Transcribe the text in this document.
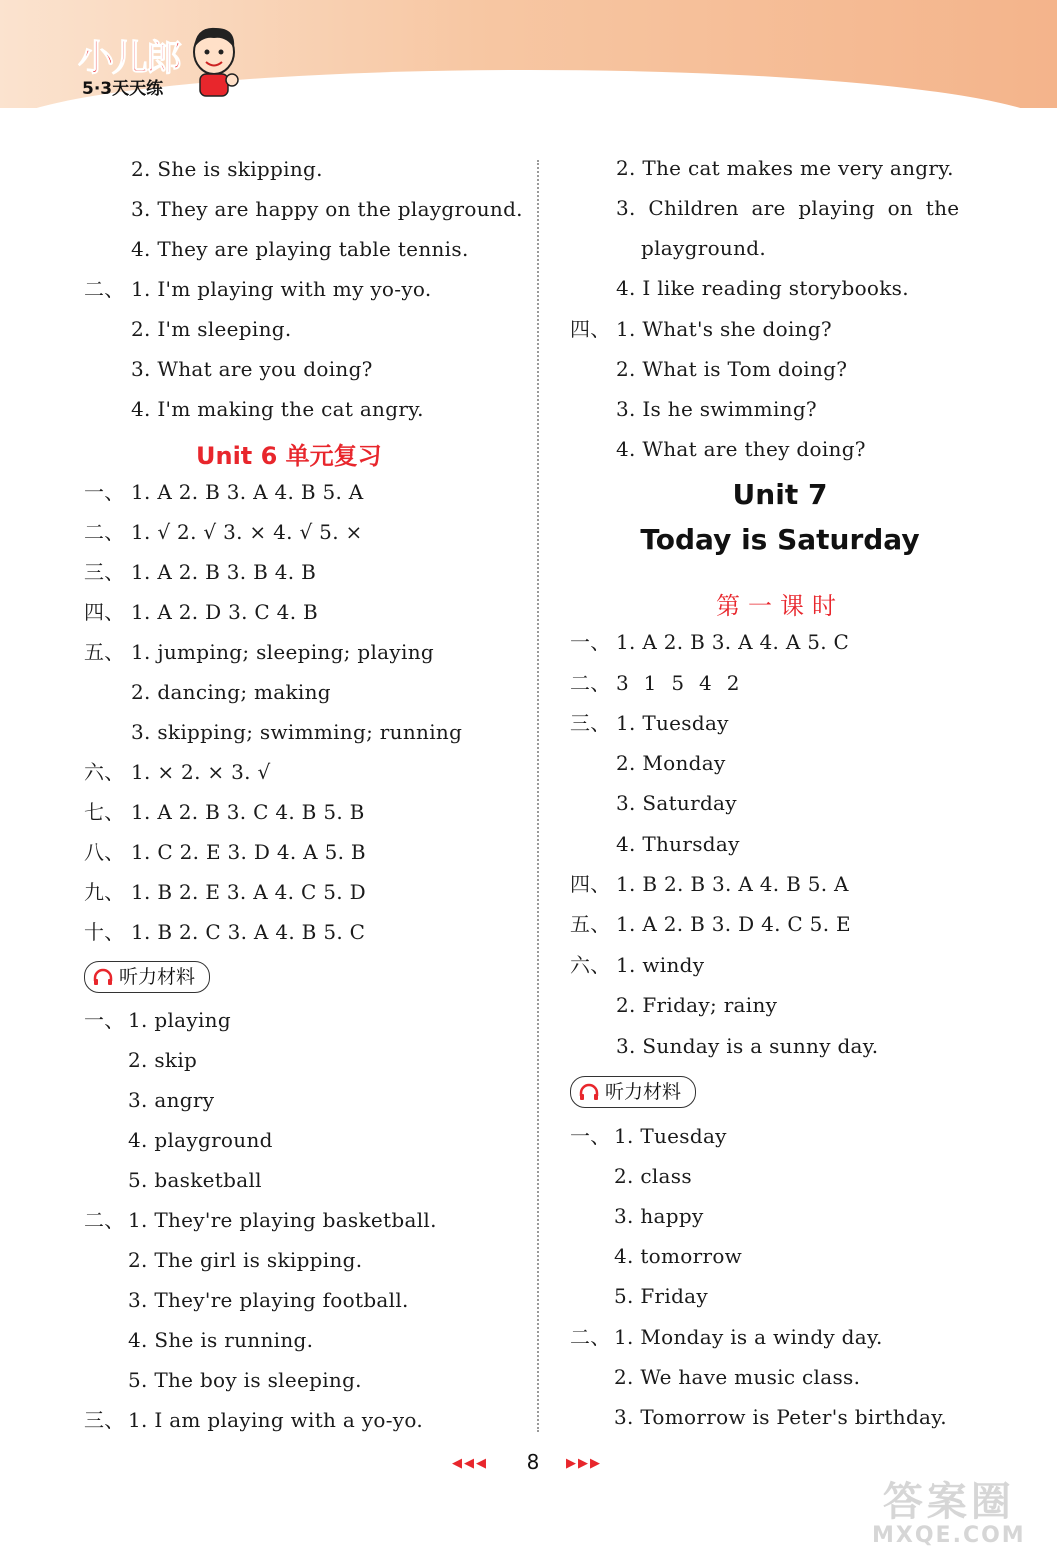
小儿郎
5·3天天练
2. She is skipping.
3. They are happy on the playground.
4. They are playing table tennis.
二、 1. I'm playing with my yo-yo.
2. I'm sleeping.
3. What are you doing?
4. I'm making the cat angry.
Unit 6 单元复习
一、 1. A 2. B 3. A 4. B 5. A
二、 1. √ 2. √ 3. × 4. √ 5. ×
三、 1. A 2. B 3. B 4. B
四、 1. A 2. D 3. C 4. B
五、 1. jumping; sleeping; playing
2. dancing; making
3. skipping; swimming; running
六、 1. × 2. × 3. √
七、 1. A 2. B 3. C 4. B 5. B
八、 1. C 2. E 3. D 4. A 5. B
九、 1. B 2. E 3. A 4. C 5. D
十、 1. B 2. C 3. A 4. B 5. C
听力材料
一、 1. playing
2. skip
3. angry
4. playground
5. basketball
二、 1. They're playing basketball.
2. The girl is skipping.
3. They're playing football.
4. She is running.
5. The boy is sleeping.
三、 1. I am playing with a yo-yo.
2. The cat makes me very angry.
3. Children are playing on the
playground.
4. I like reading storybooks.
四、 1. What's she doing?
2. What is Tom doing?
3. Is he swimming?
4. What are they doing?
Unit 7
Today is Saturday
第一课时
一、 1. A 2. B 3. A 4. A 5. C
二、 3 1 5 4 2
三、 1. Tuesday
2. Monday
3. Saturday
4. Thursday
四、 1. B 2. B 3. A 4. B 5. A
五、 1. A 2. B 3. D 4. C 5. E
六、 1. windy
2. Friday; rainy
3. Sunday is a sunny day.
听力材料
一、 1. Tuesday
2. class
3. happy
4. tomorrow
5. Friday
二、 1. Monday is a windy day.
2. We have music class.
3. Tomorrow is Peter's birthday.
◀◀◀	8	▶▶▶
答案圈
MXQE.COM
